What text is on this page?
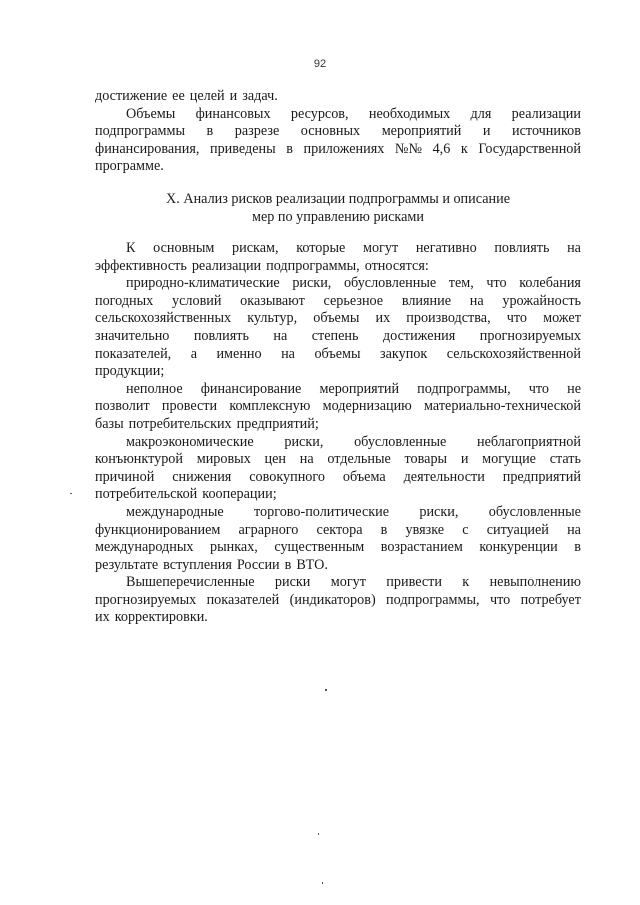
92
достижение ее целей и задач.
Объемы финансовых ресурсов, необходимых для реализации
подпрограммы в разрезе основных мероприятий и источников
финансирования, приведены в приложениях №№ 4,6 к Государственной
программе.
X. Анализ рисков реализации подпрограммы и описание
мер по управлению рисками
К основным рискам, которые могут негативно повлиять на
эффективность реализации подпрограммы, относятся:
природно-климатические риски, обусловленные тем, что колебания
погодных условий оказывают серьезное влияние на урожайность
сельскохозяйственных культур, объемы их производства, что может
значительно повлиять на степень достижения прогнозируемых
показателей, а именно на объемы закупок сельскохозяйственной
продукции;
неполное финансирование мероприятий подпрограммы, что не
позволит провести комплексную модернизацию материально-технической
базы потребительских предприятий;
макроэкономические риски, обусловленные неблагоприятной
конъюнктурой мировых цен на отдельные товары и могущие стать
причиной снижения совокупного объема деятельности предприятий
потребительской кооперации;
международные торгово-политические риски, обусловленные
функционированием аграрного сектора в увязке с ситуацией на
международных рынках, существенным возрастанием конкуренции в
результате вступления России в ВТО.
Вышеперечисленные риски могут привести к невыполнению
прогнозируемых показателей (индикаторов) подпрограммы, что потребует
их корректировки.
